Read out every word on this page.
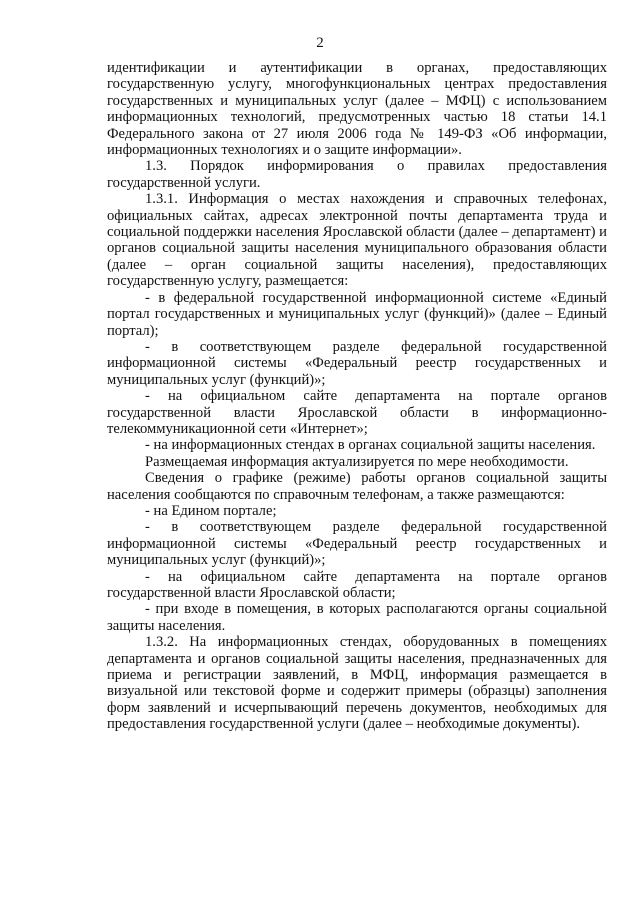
2

идентификации и аутентификации в органах, предоставляющих государственную услугу, многофункциональных центрах предоставления государственных и муниципальных услуг (далее – МФЦ) с использованием информационных технологий, предусмотренных частью 18 статьи 14.1 Федерального закона от 27 июля 2006 года № 149-ФЗ «Об информации, информационных технологиях и о защите информации».

1.3. Порядок информирования о правилах предоставления государственной услуги.

1.3.1. Информация о местах нахождения и справочных телефонах, официальных сайтах, адресах электронной почты департамента труда и социальной поддержки населения Ярославской области (далее – департамент) и органов социальной защиты населения муниципального образования области (далее – орган социальной защиты населения), предоставляющих государственную услугу, размещается:

- в федеральной государственной информационной системе «Единый портал государственных и муниципальных услуг (функций)» (далее – Единый портал);

- в соответствующем разделе федеральной государственной информационной системы «Федеральный реестр государственных и муниципальных услуг (функций)»;

- на официальном сайте департамента на портале органов государственной власти Ярославской области в информационно-телекоммуникационной сети «Интернет»;

- на информационных стендах в органах социальной защиты населения.

Размещаемая информация актуализируется по мере необходимости.

Сведения о графике (режиме) работы органов социальной защиты населения сообщаются по справочным телефонам, а также размещаются:

- на Едином портале;

- в соответствующем разделе федеральной государственной информационной системы «Федеральный реестр государственных и муниципальных услуг (функций)»;

- на официальном сайте департамента на портале органов государственной власти Ярославской области;

- при входе в помещения, в которых располагаются органы социальной защиты населения.

1.3.2. На информационных стендах, оборудованных в помещениях департамента и органов социальной защиты населения, предназначенных для приема и регистрации заявлений, в МФЦ, информация размещается в визуальной или текстовой форме и содержит примеры (образцы) заполнения форм заявлений и исчерпывающий перечень документов, необходимых для предоставления государственной услуги (далее – необходимые документы).
